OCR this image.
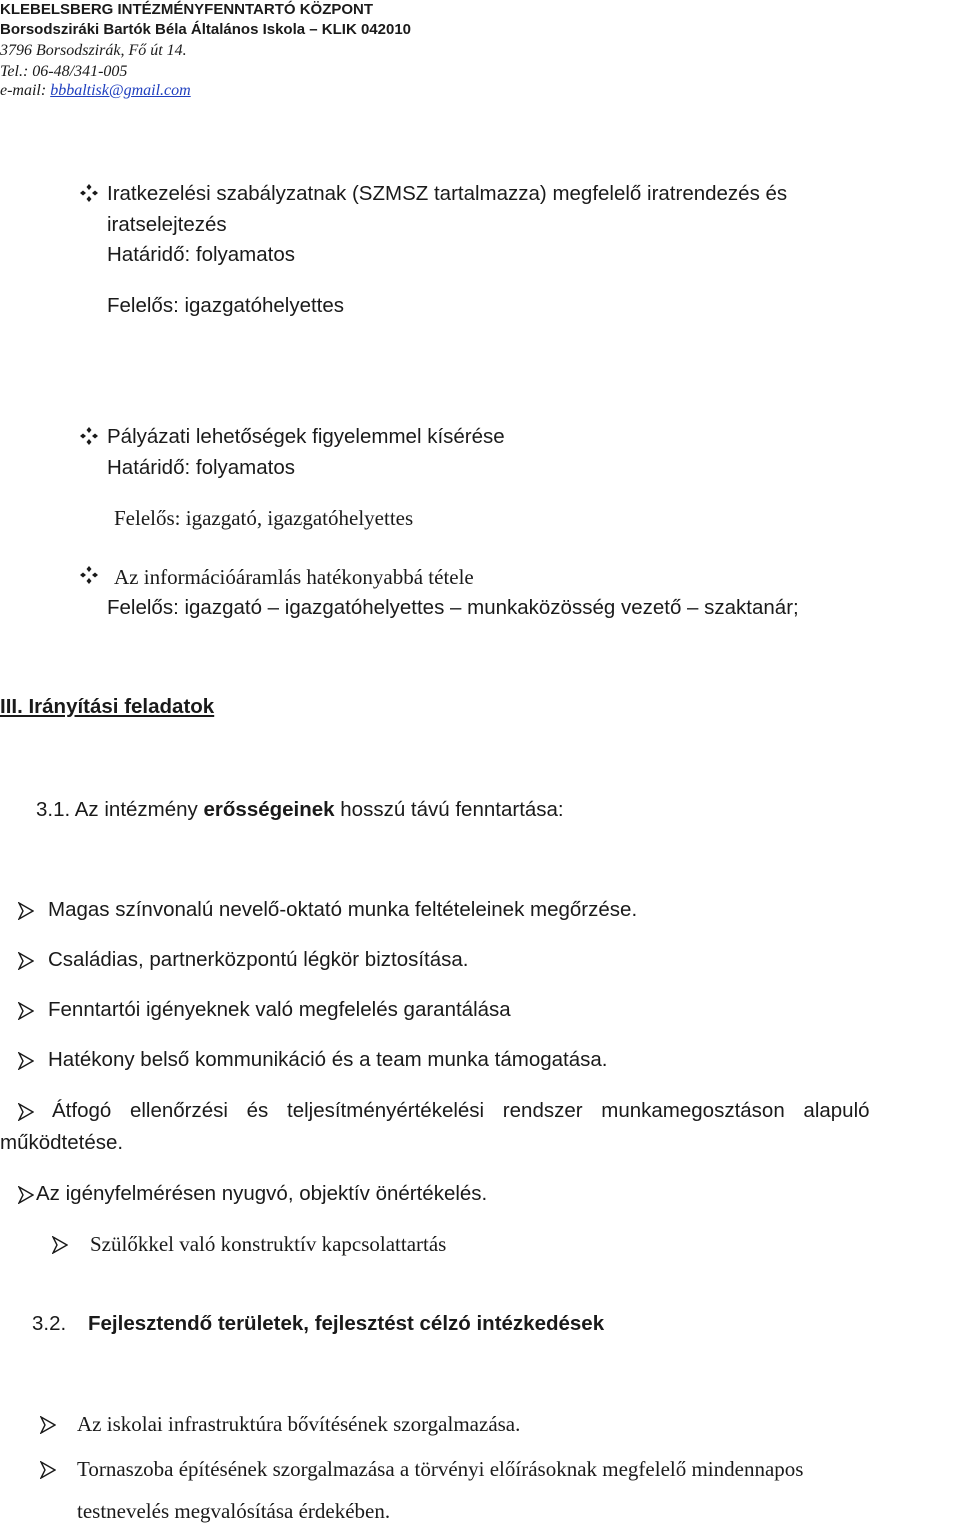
KLEBELSBERG INTÉZMÉNYFENNTARTÓ KÖZPONT
Borsodsziráki Bartók Béla Általános Iskola – KLIK 042010
3796 Borsodszirák, Fő út 14.
Tel.: 06-48/341-005
e-mail: bbbaltisk@gmail.com
Iratkezelési szabályzatnak (SZMSZ tartalmazza) megfelelő iratrendezés és
iratselejtezés
Határidő: folyamatos
Felelős: igazgatóhelyettes
Pályázati lehetőségek figyelemmel kísérése
Határidő: folyamatos
Felelős: igazgató, igazgatóhelyettes
Az információáramlás hatékonyabbá tétele
Felelős: igazgató – igazgatóhelyettes – munkaközösség vezető – szaktanár;
III. Irányítási feladatok
3.1. Az intézmény erősségeinek hosszú távú fenntartása:
Magas színvonalú nevelő-oktató munka feltételeinek megőrzése.
Családias, partnerközpontú légkör biztosítása.
Fenntartói igényeknek való megfelelés garantálása
Hatékony belső kommunikáció és a team munka támogatása.
Átfogó ellenőrzési és teljesítményértékelési rendszer munkamegosztáson alapuló
működtetése.
Az igényfelmérésen nyugvó, objektív önértékelés.
Szülőkkel való konstruktív kapcsolattartás
3.2. Fejlesztendő területek, fejlesztést célzó intézkedések
Az iskolai infrastruktúra bővítésének szorgalmazása.
Tornaszoba építésének szorgalmazása a törvényi előírásoknak megfelelő mindennapos
testnevelés megvalósítása érdekében.
